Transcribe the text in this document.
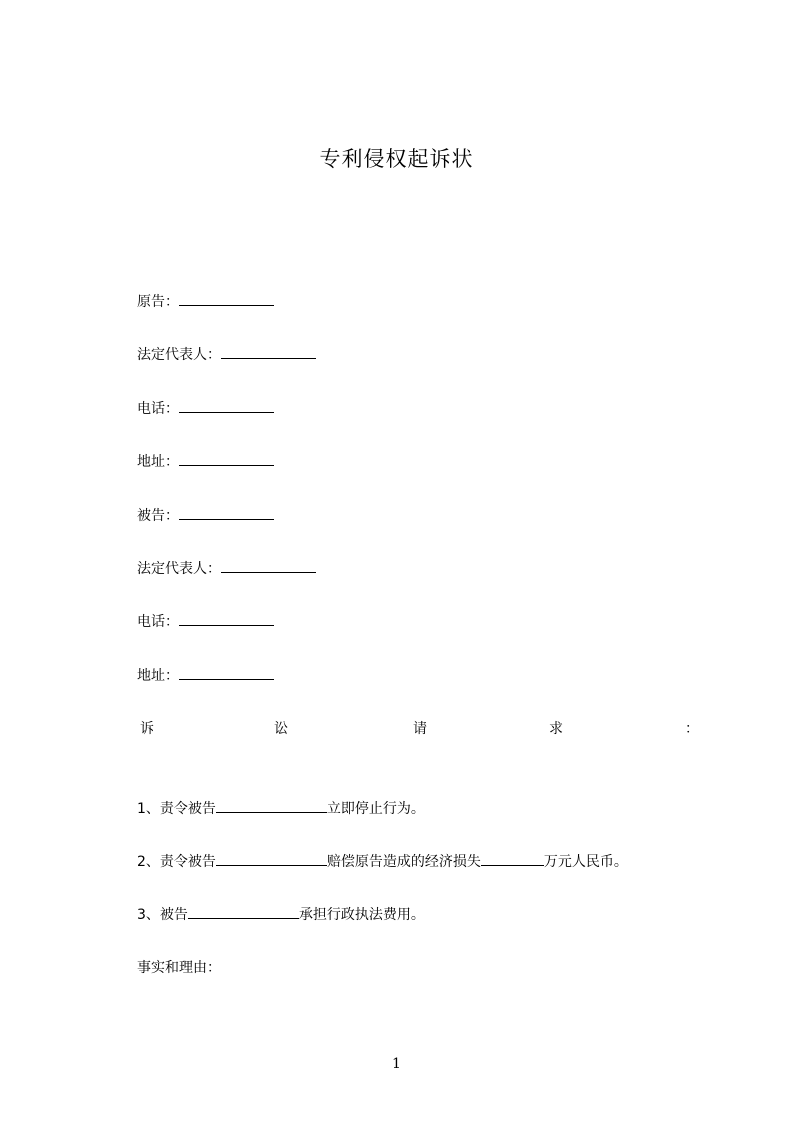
专利侵权起诉状
原告：
法定代表人：
电话：
地址：
被告：
法定代表人：
电话：
地址：
诉	讼	请	求	：
1、责令被告	立即停止行为。
2、责令被告	赔偿原告造成的经济损失	万元人民币。
3、被告	承担行政执法费用。
事实和理由：
1
